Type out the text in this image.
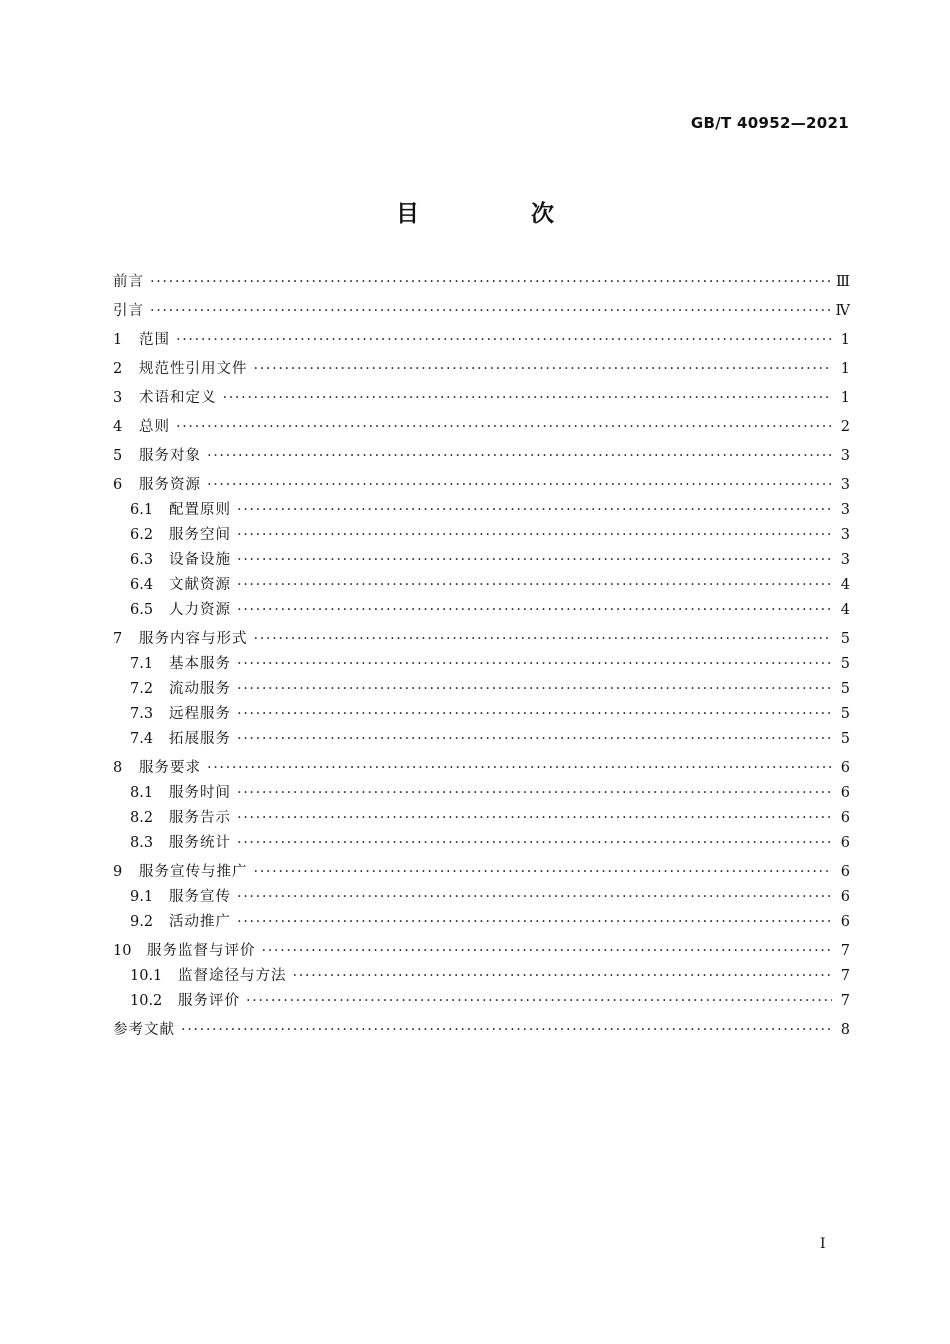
GB/T 40952—2021
目 次
前言 ·····	Ⅲ
引言 ·····	Ⅳ
1	范围 ·····	1
2	规范性引用文件 ·····	1
3	术语和定义 ·····	1
4	总则 ·····	2
5	服务对象 ·····	3
6	服务资源 ·····	3
6.1	配置原则 ·····	3
6.2	服务空间 ·····	3
6.3	设备设施 ·····	3
6.4	文献资源 ·····	4
6.5	人力资源 ·····	4
7	服务内容与形式 ·····	5
7.1	基本服务 ·····	5
7.2	流动服务 ·····	5
7.3	远程服务 ·····	5
7.4	拓展服务 ·····	5
8	服务要求 ·····	6
8.1	服务时间 ·····	6
8.2	服务告示 ·····	6
8.3	服务统计 ·····	6
9	服务宣传与推广 ·····	6
9.1	服务宣传 ·····	6
9.2	活动推广 ·····	6
10	服务监督与评价 ·····	7
10.1	监督途径与方法 ·····	7
10.2	服务评价 ·····	7
参考文献 ·····	8
I
